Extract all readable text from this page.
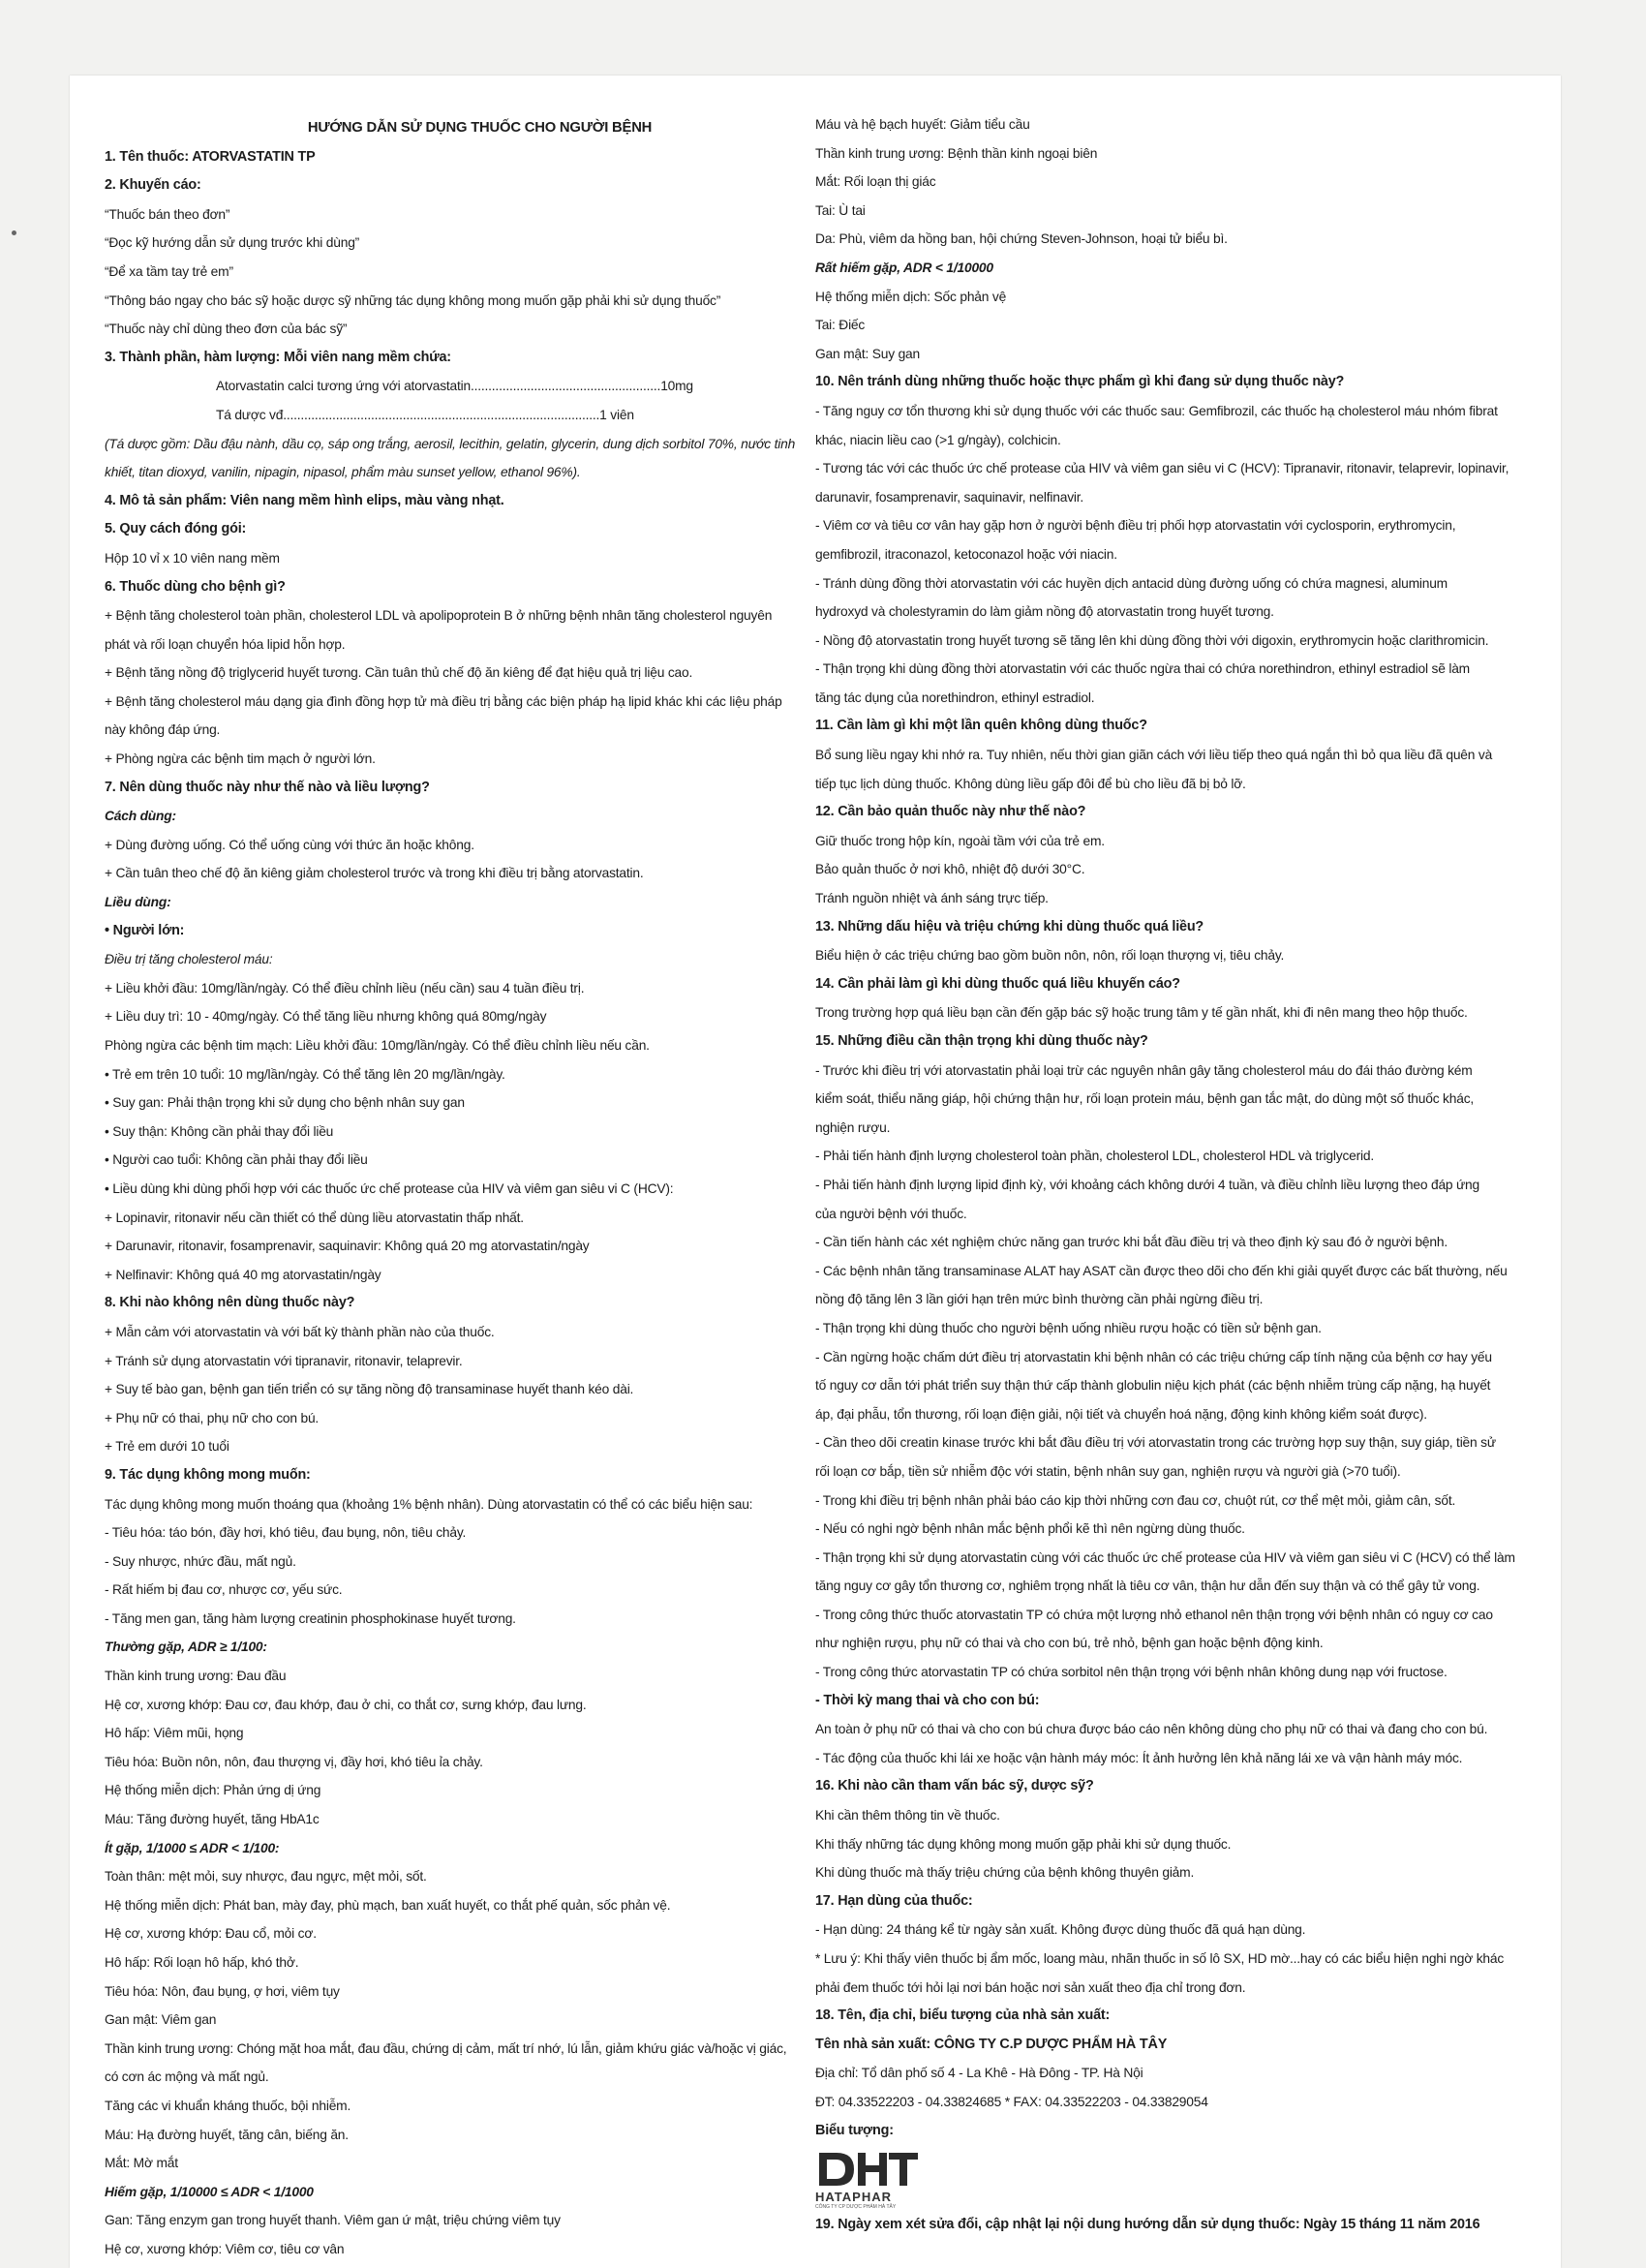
HƯỚNG DẪN SỬ DỤNG THUỐC CHO NGƯỜI BỆNH
1. Tên thuốc: ATORVASTATIN TP
2. Khuyến cáo:
“Thuốc bán theo đơn”
“Đọc kỹ hướng dẫn sử dụng trước khi dùng”
“Để xa tầm tay trẻ em”
“Thông báo ngay cho bác sỹ hoặc dược sỹ những tác dụng không mong muốn gặp phải khi sử dụng thuốc”
“Thuốc này chỉ dùng theo đơn của bác sỹ”
3. Thành phần, hàm lượng: Mỗi viên nang mềm chứa:
Atorvastatin calci tương ứng với atorvastatin......................................................10mg
Tá dược vđ..........................................................................................1 viên
(Tá dược gồm: Dầu đậu nành, dầu cọ, sáp ong trắng, aerosil, lecithin, gelatin, glycerin, dung dịch sorbitol 70%, nước tinh
khiết, titan dioxyd, vanilin, nipagin, nipasol, phẩm màu sunset yellow, ethanol 96%).
4. Mô tả sản phẩm: Viên nang mềm hình elips, màu vàng nhạt.
5. Quy cách đóng gói:
Hộp 10 vỉ x 10 viên nang mềm
6. Thuốc dùng cho bệnh gì?
+ Bệnh tăng cholesterol toàn phần, cholesterol LDL và apolipoprotein B ở những bệnh nhân tăng cholesterol nguyên
phát và rối loạn chuyển hóa lipid hỗn hợp.
+ Bệnh tăng nồng độ triglycerid huyết tương. Cần tuân thủ chế độ ăn kiêng để đạt hiệu quả trị liệu cao.
+ Bệnh tăng cholesterol máu dạng gia đình đồng hợp tử mà điều trị bằng các biện pháp hạ lipid khác khi các liệu pháp
này không đáp ứng.
+ Phòng ngừa các bệnh tim mạch ở người lớn.
7. Nên dùng thuốc này như thế nào và liều lượng?
Cách dùng:
+ Dùng đường uống. Có thể uống cùng với thức ăn hoặc không.
+ Cần tuân theo chế độ ăn kiêng giảm cholesterol trước và trong khi điều trị bằng atorvastatin.
Liều dùng:
• Người lớn:
Điều trị tăng cholesterol máu:
+ Liều khởi đầu: 10mg/lần/ngày. Có thể điều chỉnh liều (nếu cần) sau 4 tuần điều trị.
+ Liều duy trì: 10 - 40mg/ngày. Có thể tăng liều nhưng không quá 80mg/ngày
Phòng ngừa các bệnh tim mạch: Liều khởi đầu: 10mg/lần/ngày. Có thể điều chỉnh liều nếu cần.
• Trẻ em trên 10 tuổi: 10 mg/lần/ngày. Có thể tăng lên 20 mg/lần/ngày.
• Suy gan: Phải thận trọng khi sử dụng cho bệnh nhân suy gan
• Suy thận: Không cần phải thay đổi liều
• Người cao tuổi: Không cần phải thay đổi liều
• Liều dùng khi dùng phối hợp với các thuốc ức chế protease của HIV và viêm gan siêu vi C (HCV):
+ Lopinavir, ritonavir nếu cần thiết có thể dùng liều atorvastatin thấp nhất.
+ Darunavir, ritonavir, fosamprenavir, saquinavir: Không quá 20 mg atorvastatin/ngày
+ Nelfinavir: Không quá 40 mg atorvastatin/ngày
8. Khi nào không nên dùng thuốc này?
+ Mẫn cảm với atorvastatin và với bất kỳ thành phần nào của thuốc.
+ Tránh sử dụng atorvastatin với tipranavir, ritonavir, telaprevir.
+ Suy tế bào gan, bệnh gan tiến triển có sự tăng nồng độ transaminase huyết thanh kéo dài.
+ Phụ nữ có thai, phụ nữ cho con bú.
+ Trẻ em dưới 10 tuổi
9. Tác dụng không mong muốn:
Tác dụng không mong muốn thoáng qua (khoảng 1% bệnh nhân). Dùng atorvastatin có thể có các biểu hiện sau:
- Tiêu hóa: táo bón, đầy hơi, khó tiêu, đau bụng, nôn, tiêu chảy.
- Suy nhược, nhức đầu, mất ngủ.
- Rất hiếm bị đau cơ, nhược cơ, yếu sức.
- Tăng men gan, tăng hàm lượng creatinin phosphokinase huyết tương.
Thường gặp, ADR ≥ 1/100:
Thần kinh trung ương: Đau đầu
Hệ cơ, xương khớp: Đau cơ, đau khớp, đau ở chi, co thắt cơ, sưng khớp, đau lưng.
Hô hấp: Viêm mũi, họng
Tiêu hóa: Buồn nôn, nôn, đau thượng vị, đầy hơi, khó tiêu ỉa chảy.
Hệ thống miễn dịch: Phản ứng dị ứng
Máu: Tăng đường huyết, tăng HbA1c
Ít gặp, 1/1000 ≤ ADR < 1/100:
Toàn thân: mệt mỏi, suy nhược, đau ngực, mệt mỏi, sốt.
Hệ thống miễn dịch: Phát ban, mày đay, phù mạch, ban xuất huyết, co thắt phế quản, sốc phản vệ.
Hệ cơ, xương khớp: Đau cổ, mỏi cơ.
Hô hấp: Rối loạn hô hấp, khó thở.
Tiêu hóa: Nôn, đau bụng, ợ hơi, viêm tụy
Gan mật: Viêm gan
Thần kinh trung ương: Chóng mặt hoa mắt, đau đầu, chứng dị cảm, mất trí nhớ, lú lẫn, giảm khứu giác và/hoặc vị giác,
có cơn ác mộng và mất ngủ.
Tăng các vi khuẩn kháng thuốc, bội nhiễm.
Máu: Hạ đường huyết, tăng cân, biếng ăn.
Mắt: Mờ mắt
Hiếm gặp, 1/10000 ≤ ADR < 1/1000
Gan: Tăng enzym gan trong huyết thanh. Viêm gan ứ mật, triệu chứng viêm tụy
Hệ cơ, xương khớp: Viêm cơ, tiêu cơ vân
Máu và hệ bạch huyết: Giảm tiểu cầu
Thần kinh trung ương: Bệnh thần kinh ngoại biên
Mắt: Rối loạn thị giác
Tai: Ù tai
Da: Phù, viêm da hồng ban, hội chứng Steven-Johnson, hoại tử biểu bì.
Rất hiếm gặp, ADR < 1/10000
Hệ thống miễn dịch: Sốc phản vệ
Tai: Điếc
Gan mật: Suy gan
10. Nên tránh dùng những thuốc hoặc thực phẩm gì khi đang sử dụng thuốc này?
- Tăng nguy cơ tổn thương khi sử dụng thuốc với các thuốc sau: Gemfibrozil, các thuốc hạ cholesterol máu nhóm fibrat
khác, niacin liều cao (>1 g/ngày), colchicin.
- Tương tác với các thuốc ức chế protease của HIV và viêm gan siêu vi C (HCV): Tipranavir, ritonavir, telaprevir, lopinavir,
darunavir, fosamprenavir, saquinavir, nelfinavir.
- Viêm cơ và tiêu cơ vân hay gặp hơn ở người bệnh điều trị phối hợp atorvastatin với cyclosporin, erythromycin,
gemfibrozil, itraconazol, ketoconazol hoặc với niacin.
- Tránh dùng đồng thời atorvastatin với các huyền dịch antacid dùng đường uống có chứa magnesi, aluminum
hydroxyd và cholestyramin do làm giảm nồng độ atorvastatin trong huyết tương.
- Nồng độ atorvastatin trong huyết tương sẽ tăng lên khi dùng đồng thời với digoxin, erythromycin hoặc clarithromicin.
- Thận trọng khi dùng đồng thời atorvastatin với các thuốc ngừa thai có chứa norethindron, ethinyl estradiol sẽ làm
tăng tác dụng của norethindron, ethinyl estradiol.
11. Cần làm gì khi một lần quên không dùng thuốc?
Bổ sung liều ngay khi nhớ ra. Tuy nhiên, nếu thời gian giãn cách với liều tiếp theo quá ngắn thì bỏ qua liều đã quên và
tiếp tục lịch dùng thuốc. Không dùng liều gấp đôi để bù cho liều đã bị bỏ lỡ.
12. Cần bảo quản thuốc này như thế nào?
Giữ thuốc trong hộp kín, ngoài tầm với của trẻ em.
Bảo quản thuốc ở nơi khô, nhiệt độ dưới 30°C.
Tránh nguồn nhiệt và ánh sáng trực tiếp.
13. Những dấu hiệu và triệu chứng khi dùng thuốc quá liều?
Biểu hiện ở các triệu chứng bao gồm buồn nôn, nôn, rối loạn thượng vị, tiêu chảy.
14. Cần phải làm gì khi dùng thuốc quá liều khuyến cáo?
Trong trường hợp quá liều bạn cần đến gặp bác sỹ hoặc trung tâm y tế gần nhất, khi đi nên mang theo hộp thuốc.
15. Những điều cần thận trọng khi dùng thuốc này?
- Trước khi điều trị với atorvastatin phải loại trừ các nguyên nhân gây tăng cholesterol máu do đái tháo đường kém
kiểm soát, thiểu năng giáp, hội chứng thận hư, rối loạn protein máu, bệnh gan tắc mật, do dùng một số thuốc khác,
nghiện rượu.
- Phải tiến hành định lượng cholesterol toàn phần, cholesterol LDL, cholesterol HDL và triglycerid.
- Phải tiến hành định lượng lipid định kỳ, với khoảng cách không dưới 4 tuần, và điều chỉnh liều lượng theo đáp ứng
của người bệnh với thuốc.
- Cần tiến hành các xét nghiệm chức năng gan trước khi bắt đầu điều trị và theo định kỳ sau đó ở người bệnh.
- Các bệnh nhân tăng transaminase ALAT hay ASAT cần được theo dõi cho đến khi giải quyết được các bất thường, nếu
nồng độ tăng lên 3 lần giới hạn trên mức bình thường cần phải ngừng điều trị.
- Thận trọng khi dùng thuốc cho người bệnh uống nhiều rượu hoặc có tiền sử bệnh gan.
- Cần ngừng hoặc chấm dứt điều trị atorvastatin khi bệnh nhân có các triệu chứng cấp tính nặng của bệnh cơ hay yếu
tố nguy cơ dẫn tới phát triển suy thận thứ cấp thành globulin niệu kịch phát (các bệnh nhiễm trùng cấp nặng, hạ huyết
áp, đại phẫu, tổn thương, rối loạn điện giải, nội tiết và chuyển hoá nặng, động kinh không kiểm soát được).
- Cần theo dõi creatin kinase trước khi bắt đầu điều trị với atorvastatin trong các trường hợp suy thận, suy giáp, tiền sử
rối loạn cơ bắp, tiền sử nhiễm độc với statin, bệnh nhân suy gan, nghiện rượu và người già (>70 tuổi).
- Trong khi điều trị bệnh nhân phải báo cáo kịp thời những cơn đau cơ, chuột rút, cơ thể mệt mỏi, giảm cân, sốt.
- Nếu có nghi ngờ bệnh nhân mắc bệnh phổi kẽ thì nên ngừng dùng thuốc.
- Thận trọng khi sử dụng atorvastatin cùng với các thuốc ức chế protease của HIV và viêm gan siêu vi C (HCV) có thể làm
tăng nguy cơ gây tổn thương cơ, nghiêm trọng nhất là tiêu cơ vân, thận hư dẫn đến suy thận và có thể gây tử vong.
- Trong công thức thuốc atorvastatin TP có chứa một lượng nhỏ ethanol nên thận trọng với bệnh nhân có nguy cơ cao
như nghiện rượu, phụ nữ có thai và cho con bú, trẻ nhỏ, bệnh gan hoặc bệnh động kinh.
- Trong công thức atorvastatin TP có chứa sorbitol nên thận trọng với bệnh nhân không dung nạp với fructose.
- Thời kỳ mang thai và cho con bú:
An toàn ở phụ nữ có thai và cho con bú chưa được báo cáo nên không dùng cho phụ nữ có thai và đang cho con bú.
- Tác động của thuốc khi lái xe hoặc vận hành máy móc: Ít ảnh hưởng lên khả năng lái xe và vận hành máy móc.
16. Khi nào cần tham vấn bác sỹ, dược sỹ?
Khi cần thêm thông tin về thuốc.
Khi thấy những tác dụng không mong muốn gặp phải khi sử dụng thuốc.
Khi dùng thuốc mà thấy triệu chứng của bệnh không thuyên giảm.
17. Hạn dùng của thuốc:
- Hạn dùng: 24 tháng kể từ ngày sản xuất. Không được dùng thuốc đã quá hạn dùng.
* Lưu ý: Khi thấy viên thuốc bị ẩm mốc, loang màu, nhãn thuốc in số lô SX, HD mờ...hay có các biểu hiện nghi ngờ khác
phải đem thuốc tới hỏi lại nơi bán hoặc nơi sản xuất theo địa chỉ trong đơn.
18. Tên, địa chỉ, biểu tượng của nhà sản xuất:
Tên nhà sản xuất: CÔNG TY C.P DƯỢC PHẨM HÀ TÂY
Địa chỉ: Tổ dân phố số 4 - La Khê - Hà Đông - TP. Hà Nội
ĐT: 04.33522203 - 04.33824685 * FAX: 04.33522203 - 04.33829054
Biểu tượng:
HATAPHAR
CÔNG TY CP DƯỢC PHẨM HÀ TÂY
19. Ngày xem xét sửa đổi, cập nhật lại nội dung hướng dẫn sử dụng thuốc: Ngày 15 tháng 11 năm 2016
